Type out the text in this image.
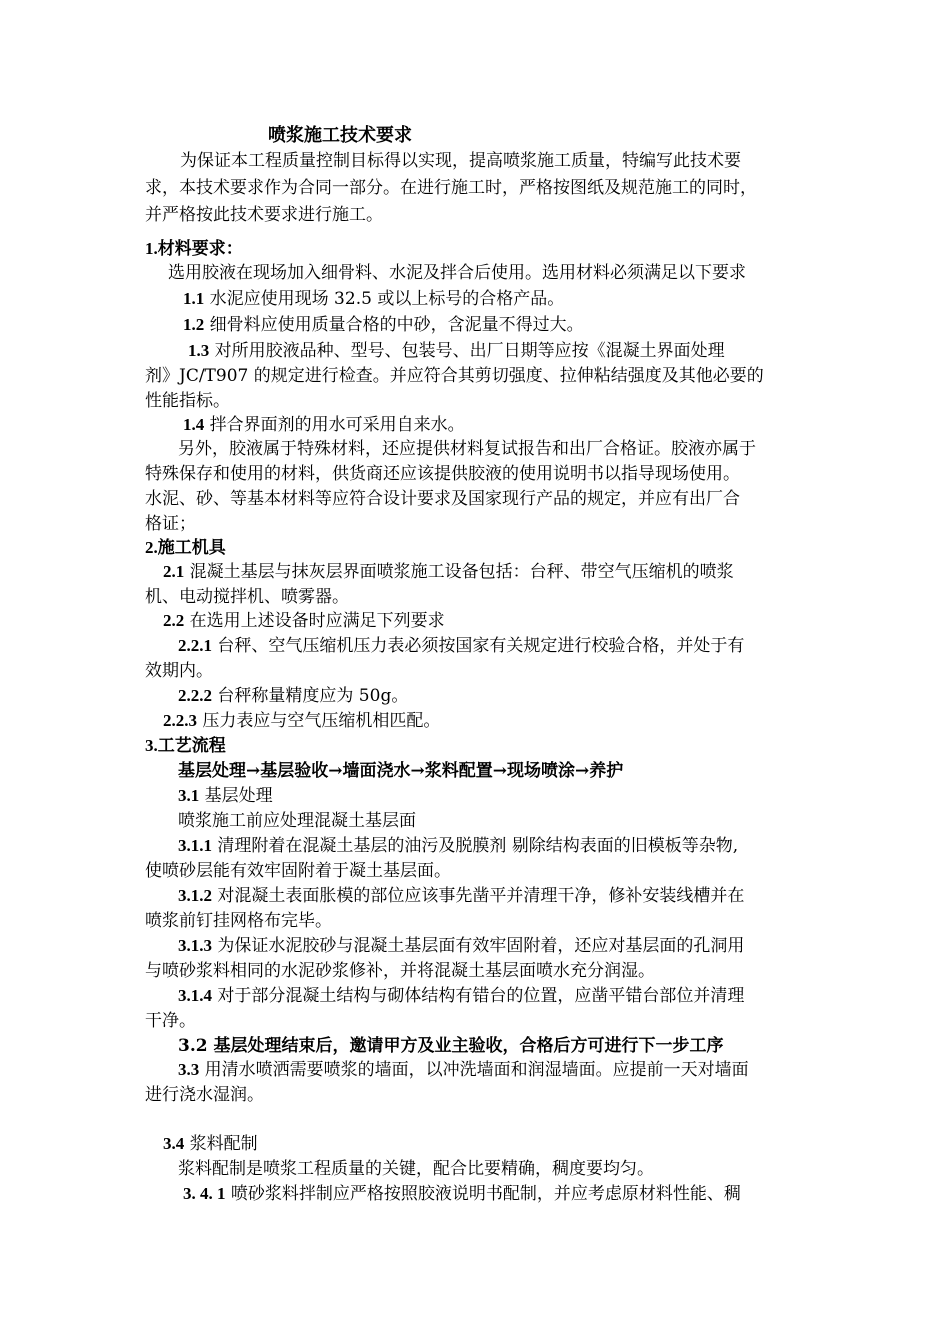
喷浆施工技术要求
为保证本工程质量控制目标得以实现，提高喷浆施工质量，特编写此技术要
求，本技术要求作为合同一部分。在进行施工时，严格按图纸及规范施工的同时，
并严格按此技术要求进行施工。
1.材料要求：
选用胶液在现场加入细骨料、水泥及拌合后使用。选用材料必须满足以下要求
1.1 水泥应使用现场 32.5 或以上标号的合格产品。
1.2 细骨料应使用质量合格的中砂，含泥量不得过大。
1.3 对所用胶液品种、型号、包装号、出厂日期等应按《混凝土界面处理
剂》JC/T907 的规定进行检查。并应符合其剪切强度、拉伸粘结强度及其他必要的
性能指标。
1.4 拌合界面剂的用水可采用自来水。
另外，胶液属于特殊材料，还应提供材料复试报告和出厂合格证。胶液亦属于
特殊保存和使用的材料，供货商还应该提供胶液的使用说明书以指导现场使用。
水泥、砂、等基本材料等应符合设计要求及国家现行产品的规定，并应有出厂合
格证；
2.施工机具
2.1 混凝土基层与抹灰层界面喷浆施工设备包括：台秤、带空气压缩机的喷浆
机、电动搅拌机、喷雾器。
2.2 在选用上述设备时应满足下列要求
2.2.1 台秤、空气压缩机压力表必须按国家有关规定进行校验合格，并处于有
效期内。
2.2.2 台秤称量精度应为 50g。
2.2.3 压力表应与空气压缩机相匹配。
3.工艺流程
基层处理→基层验收→墙面浇水→浆料配置→现场喷涂→养护
3.1 基层处理
喷浆施工前应处理混凝土基层面
3.1.1 清理附着在混凝土基层的油污及脱膜剂 剔除结构表面的旧模板等杂物,
使喷砂层能有效牢固附着于凝土基层面。
3.1.2 对混凝土表面胀模的部位应该事先凿平并清理干净，修补安装线槽并在
喷浆前钉挂网格布完毕。
3.1.3 为保证水泥胶砂与混凝土基层面有效牢固附着，还应对基层面的孔洞用
与喷砂浆料相同的水泥砂浆修补，并将混凝土基层面喷水充分润湿。
3.1.4 对于部分混凝土结构与砌体结构有错台的位置，应凿平错台部位并清理
干净。
3.2 基层处理结束后，邀请甲方及业主验收，合格后方可进行下一步工序
3.3 用清水喷洒需要喷浆的墙面，以冲洗墙面和润湿墙面。应提前一天对墙面
进行浇水湿润。
3.4 浆料配制
浆料配制是喷浆工程质量的关键，配合比要精确，稠度要均匀。
3. 4. 1 喷砂浆料拌制应严格按照胶液说明书配制，并应考虑原材料性能、稠
